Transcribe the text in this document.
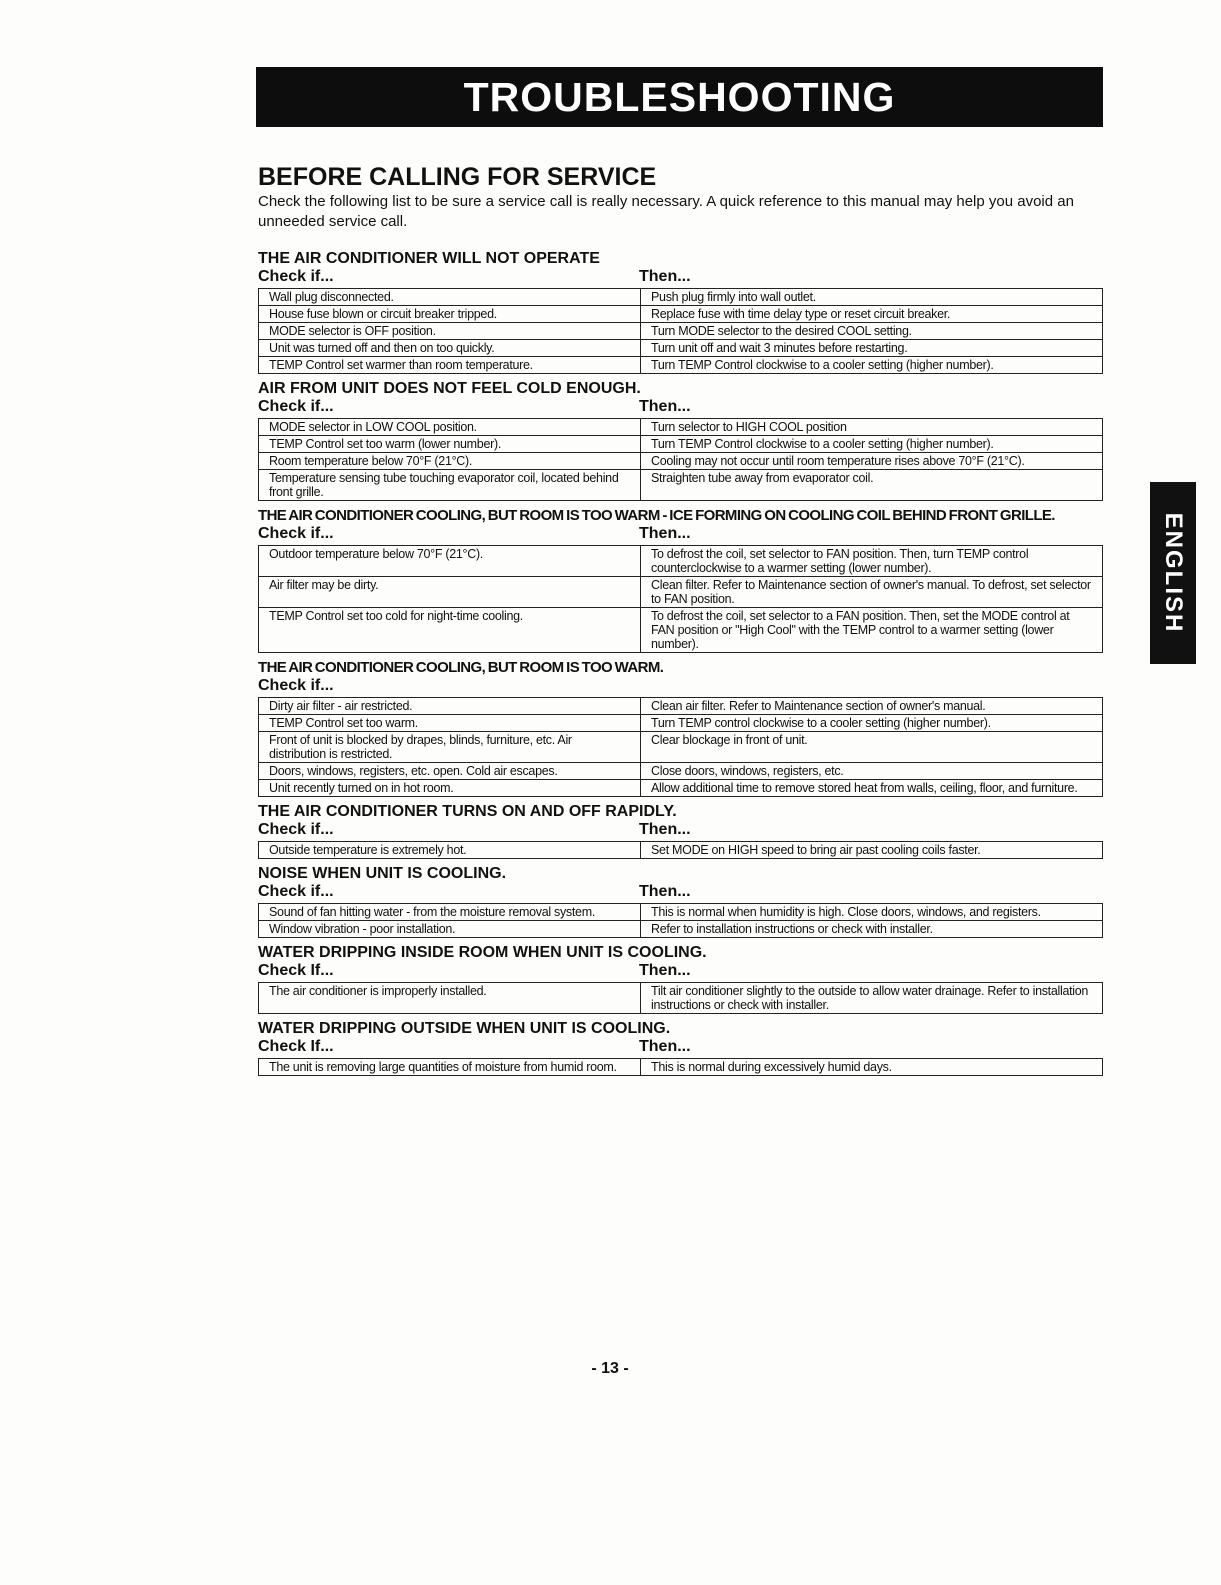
TROUBLESHOOTING
ENGLISH
BEFORE CALLING FOR SERVICE

Check the following list to be sure a service call is really necessary. A quick reference to this manual may help you avoid an unneeded service call.

THE AIR CONDITIONER WILL NOT OPERATE
Check if...	Then...
Wall plug disconnected.	Push plug firmly into wall outlet.
House fuse blown or circuit breaker tripped.	Replace fuse with time delay type or reset circuit breaker.
MODE selector is OFF position.	Turn MODE selector to the desired COOL setting.
Unit was turned off and then on too quickly.	Turn unit off and wait 3 minutes before restarting.
TEMP Control set warmer than room temperature.	Turn TEMP Control clockwise to a cooler setting (higher number).
AIR FROM UNIT DOES NOT FEEL COLD ENOUGH.
Check if...	Then...
MODE selector in LOW COOL position.	Turn selector to HIGH COOL position
TEMP Control set too warm (lower number).	Turn TEMP Control clockwise to a cooler setting (higher number).
Room temperature below 70°F (21°C).	Cooling may not occur until room temperature rises above 70°F (21°C).
Temperature sensing tube touching evaporator coil, located behind front grille.	Straighten tube away from evaporator coil.
THE AIR CONDITIONER COOLING, BUT ROOM IS TOO WARM - ICE FORMING ON COOLING COIL BEHIND FRONT GRILLE.
Check if...	Then...
Outdoor temperature below 70°F (21°C).	To defrost the coil, set selector to FAN position. Then, turn TEMP control counterclockwise to a warmer setting (lower number).
Air filter may be dirty.	Clean filter. Refer to Maintenance section of owner's manual. To defrost, set selector to FAN position.
TEMP Control set too cold for night-time cooling.	To defrost the coil, set selector to a FAN position. Then, set the MODE control at FAN position or "High Cool" with the TEMP control to a warmer setting (lower number).
THE AIR CONDITIONER COOLING, BUT ROOM IS TOO WARM.
Check if...
Dirty air filter - air restricted.	Clean air filter. Refer to Maintenance section of owner's manual.
TEMP Control set too warm.	Turn TEMP control clockwise to a cooler setting (higher number).
Front of unit is blocked by drapes, blinds, furniture, etc. Air distribution is restricted.	Clear blockage in front of unit.
Doors, windows, registers, etc. open. Cold air escapes.	Close doors, windows, registers, etc.
Unit recently turned on in hot room.	Allow additional time to remove stored heat from walls, ceiling, floor, and furniture.
THE AIR CONDITIONER TURNS ON AND OFF RAPIDLY.
Check if...	Then...
Outside temperature is extremely hot.	Set MODE on HIGH speed to bring air past cooling coils faster.
NOISE WHEN UNIT IS COOLING.
Check if...	Then...
Sound of fan hitting water - from the moisture removal system.	This is normal when humidity is high. Close doors, windows, and registers.
Window vibration - poor installation.	Refer to installation instructions or check with installer.
WATER DRIPPING INSIDE ROOM WHEN UNIT IS COOLING.
Check If...	Then...
The air conditioner is improperly installed.	Tilt air conditioner slightly to the outside to allow water drainage. Refer to installation instructions or check with installer.
WATER DRIPPING OUTSIDE WHEN UNIT IS COOLING.
Check If...	Then...
The unit is removing large quantities of moisture from humid room.	This is normal during excessively humid days.
- 13 -
